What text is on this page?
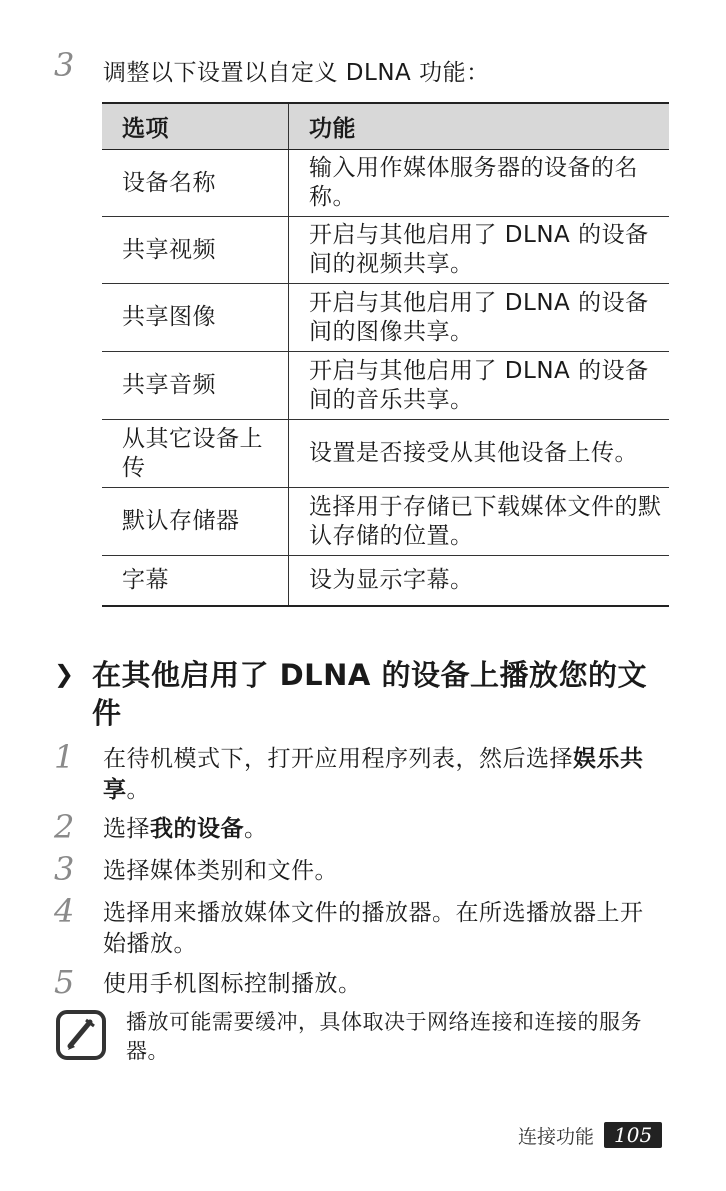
3 调整以下设置以自定义 DLNA 功能：
选项	功能
设备名称	输入用作媒体服务器的设备的名称。
共享视频	开启与其他启用了 DLNA 的设备间的视频共享。
共享图像	开启与其他启用了 DLNA 的设备间的图像共享。
共享音频	开启与其他启用了 DLNA 的设备间的音乐共享。
从其它设备上传	设置是否接受从其他设备上传。
默认存储器	选择用于存储已下载媒体文件的默认存储的位置。
字幕	设为显示字幕。
❯ 在其他启用了 DLNA 的设备上播放您的文件
1 在待机模式下，打开应用程序列表，然后选择娱乐共享。
2 选择我的设备。
3 选择媒体类别和文件。
4 选择用来播放媒体文件的播放器。在所选播放器上开始播放。
5 使用手机图标控制播放。
播放可能需要缓冲，具体取决于网络连接和连接的服务器。
连接功能	105
